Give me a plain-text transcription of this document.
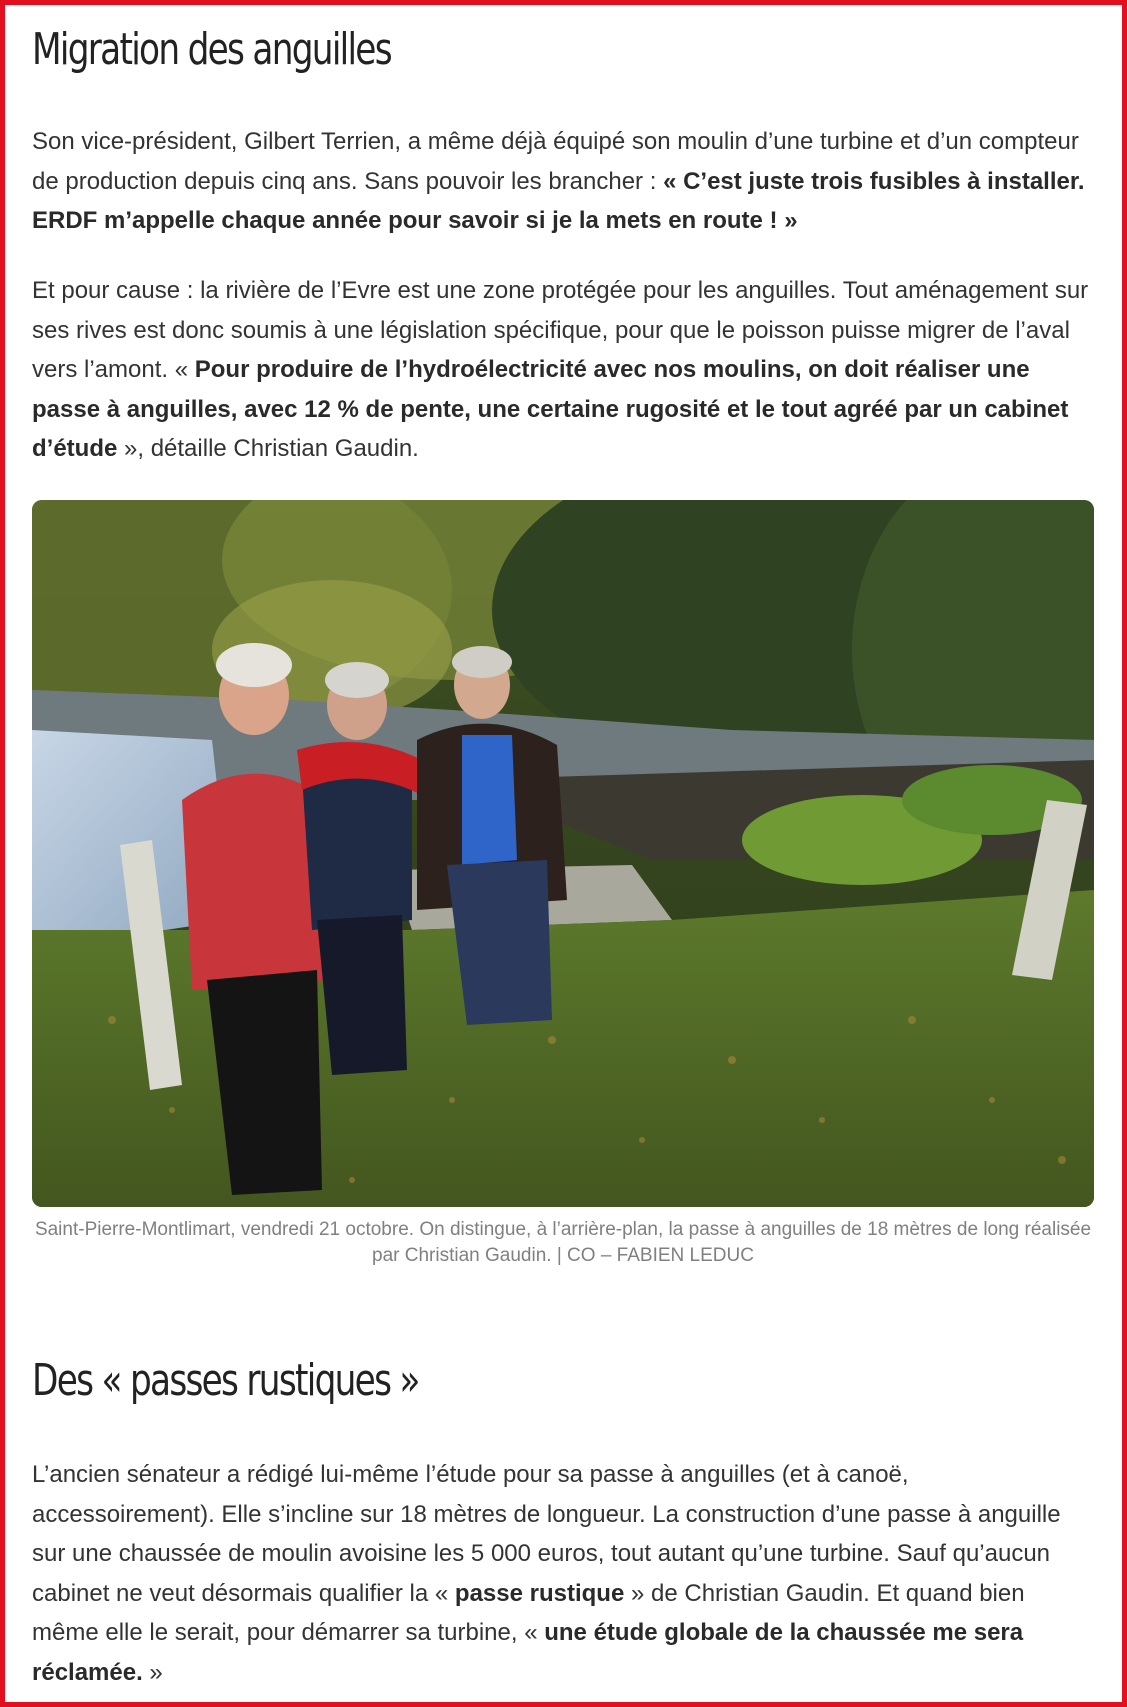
Migration des anguilles

Son vice-président, Gilbert Terrien, a même déjà équipé son moulin d’une turbine et d’un compteur de production depuis cinq ans. Sans pouvoir les brancher : « C’est juste trois fusibles à installer. ERDF m’appelle chaque année pour savoir si je la mets en route ! »

Et pour cause : la rivière de l’Evre est une zone protégée pour les anguilles. Tout aménagement sur ses rives est donc soumis à une législation spécifique, pour que le poisson puisse migrer de l’aval vers l’amont. « Pour produire de l’hydroélectricité avec nos moulins, on doit réaliser une passe à anguilles, avec 12 % de pente, une certaine rugosité et le tout agréé par un cabinet d’étude », détaille Christian Gaudin.

Des « passes rustiques »

L’ancien sénateur a rédigé lui-même l’étude pour sa passe à anguilles (et à canoë, accessoirement). Elle s’incline sur 18 mètres de longueur. La construction d’une passe à anguille sur une chaussée de moulin avoisine les 5 000 euros, tout autant qu’une turbine. Sauf qu’aucun cabinet ne veut désormais qualifier la « passe rustique » de Christian Gaudin. Et quand bien même elle le serait, pour démarrer sa turbine, « une étude globale de la chaussée me sera réclamée. »

Saint-Pierre-Montlimart, vendredi 21 octobre. On distingue, à l’arrière-plan, la passe à anguilles de 18 mètres de long réalisée par Christian Gaudin. | CO – FABIEN LEDUC
